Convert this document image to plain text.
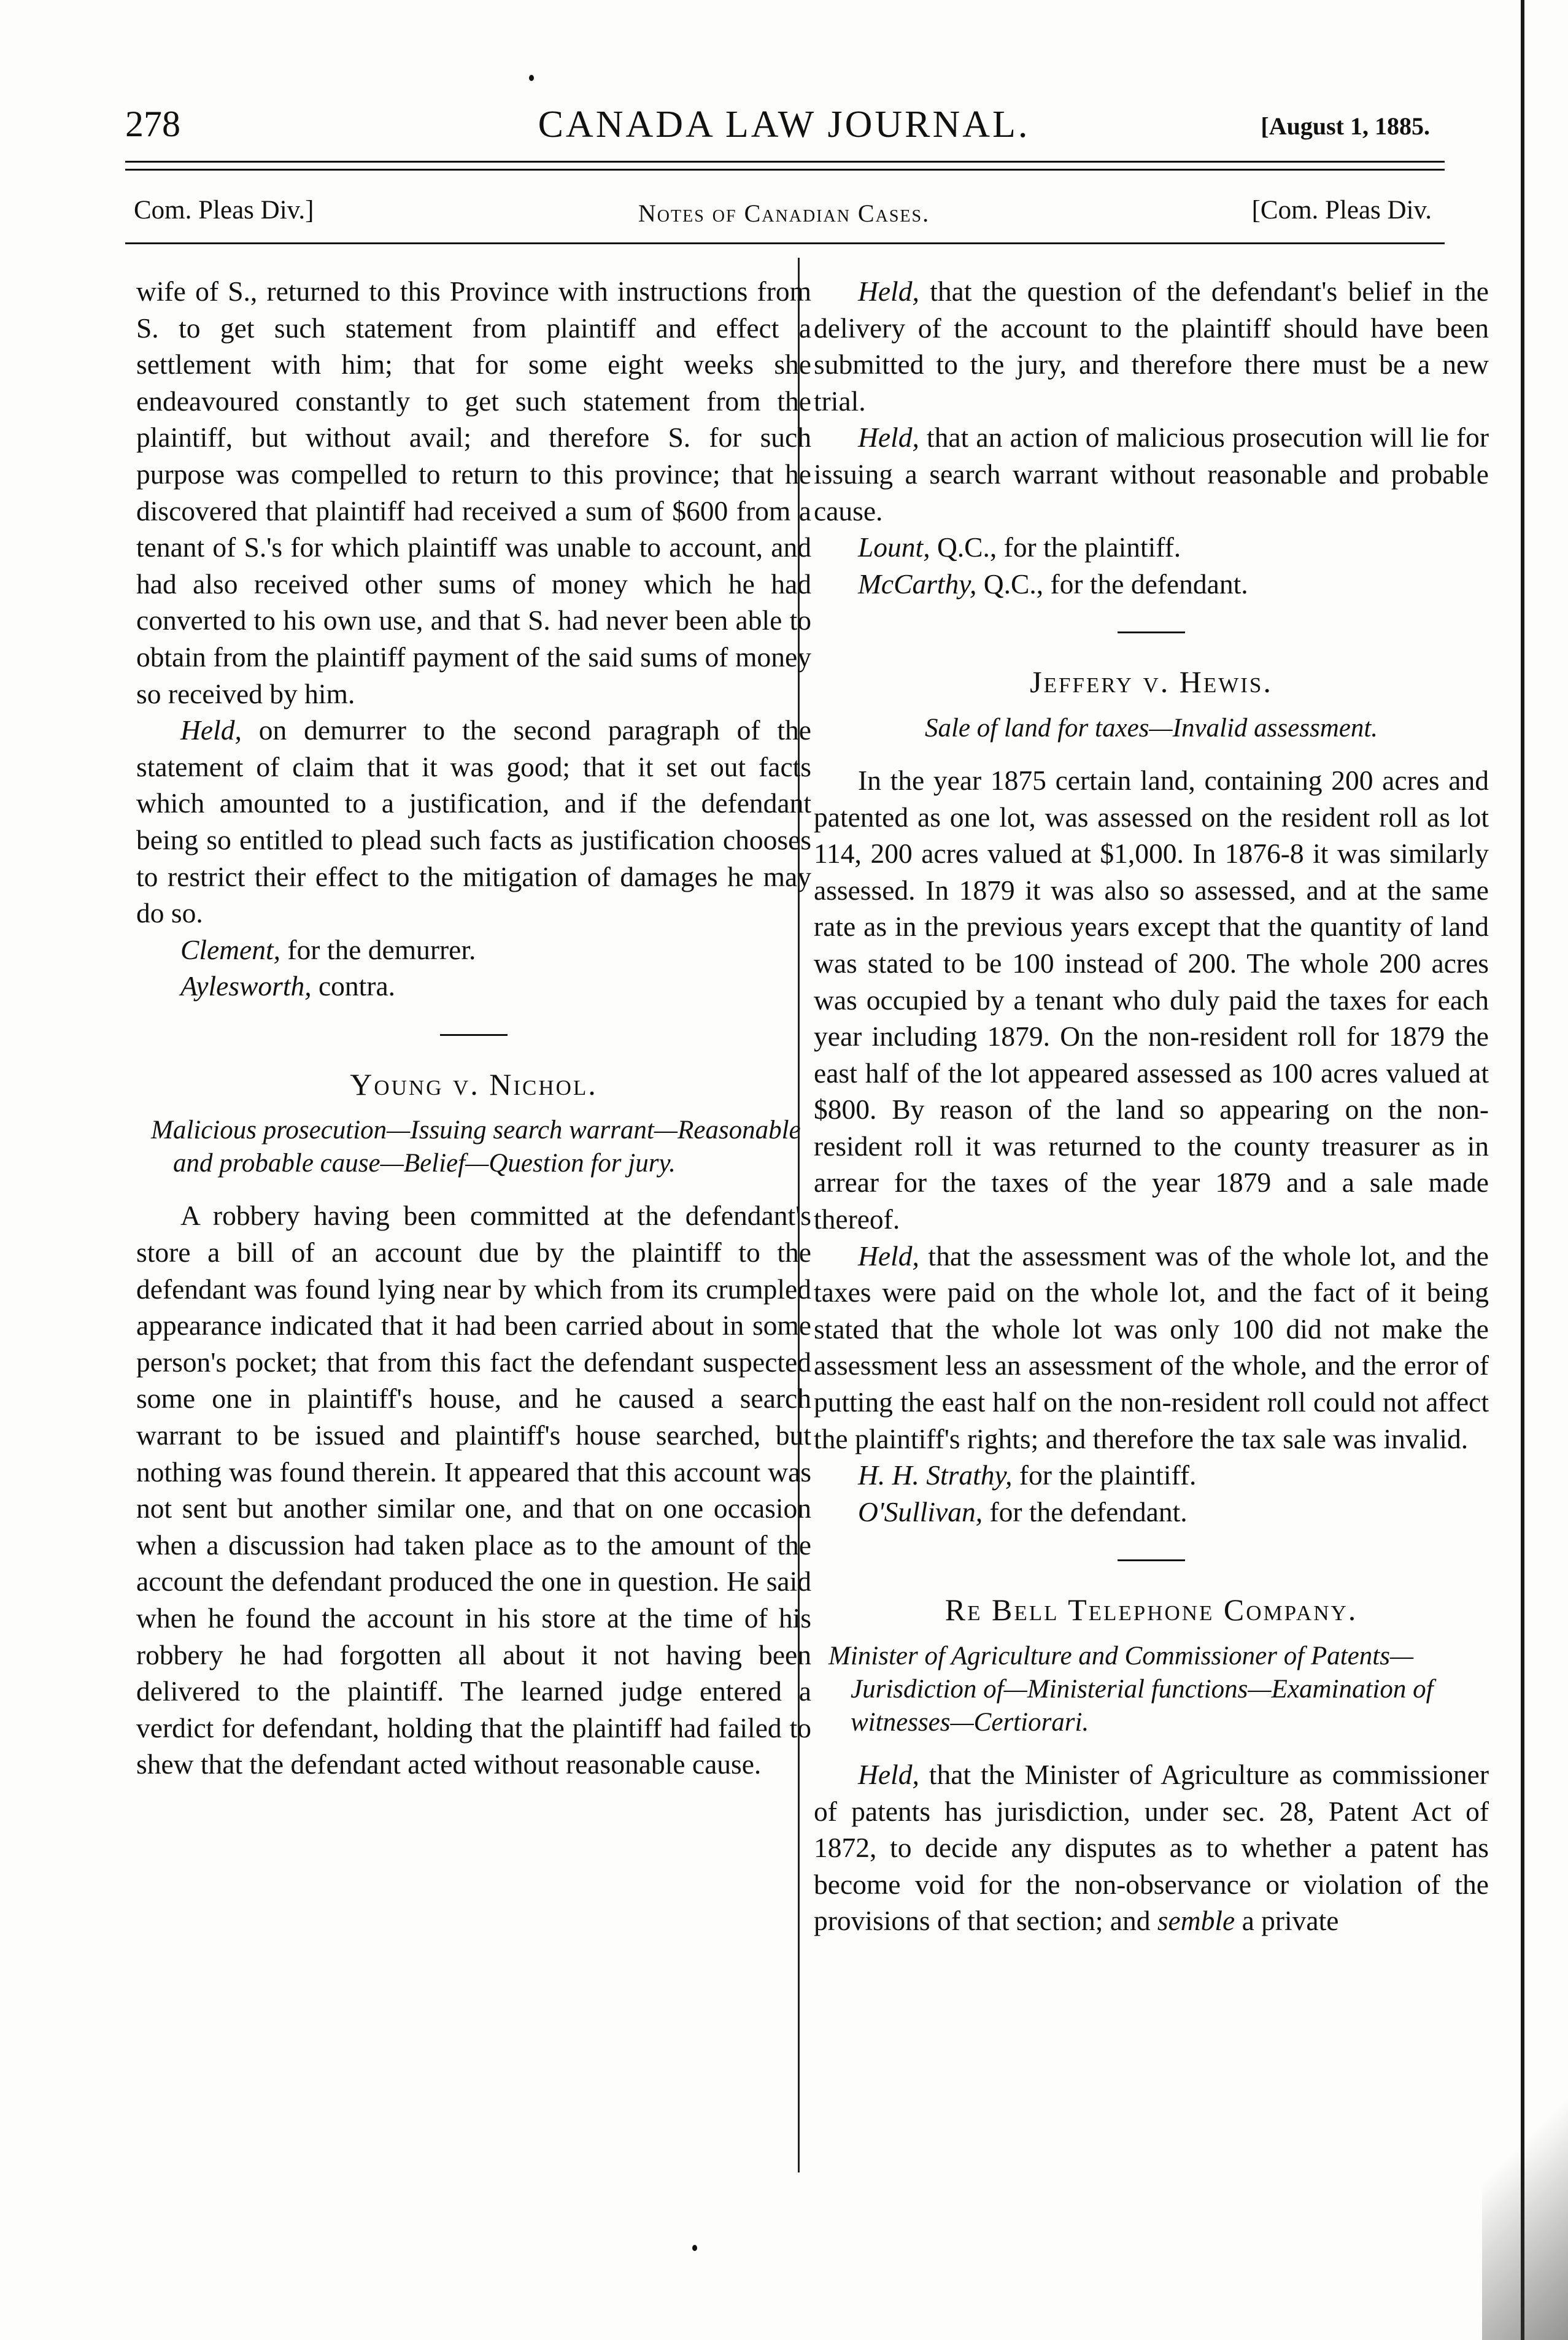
278	CANADA LAW JOURNAL.	[August 1, 1885.
Com. Pleas Div.]	Notes of Canadian Cases.	[Com. Pleas Div.

wife of S., returned to this Province with instructions from S. to get such statement from plaintiff and effect a settlement with him; that for some eight weeks she endeavoured constantly to get such statement from the plaintiff, but without avail; and therefore S. for such purpose was compelled to return to this province; that he discovered that plaintiff had received a sum of $600 from a tenant of S.'s for which plaintiff was unable to account, and had also received other sums of money which he had converted to his own use, and that S. had never been able to obtain from the plaintiff payment of the said sums of money so received by him.

Held, on demurrer to the second paragraph of the statement of claim that it was good; that it set out facts which amounted to a justification, and if the defendant being so entitled to plead such facts as justification chooses to restrict their effect to the mitigation of damages he may do so.

Clement, for the demurrer.

Aylesworth, contra.

Young v. Nichol.

Malicious prosecution—Issuing search warrant—Reasonable and probable cause—Belief—Question for jury.

A robbery having been committed at the defendant's store a bill of an account due by the plaintiff to the defendant was found lying near by which from its crumpled appearance indicated that it had been carried about in some person's pocket; that from this fact the defendant suspected some one in plaintiff's house, and he caused a search warrant to be issued and plaintiff's house searched, but nothing was found therein. It appeared that this account was not sent but another similar one, and that on one occasion when a discussion had taken place as to the amount of the account the defendant produced the one in question. He said when he found the account in his store at the time of his robbery he had forgotten all about it not having been delivered to the plaintiff. The learned judge entered a verdict for defendant, holding that the plaintiff had failed to shew that the defendant acted without reasonable cause.

Held, that the question of the defendant's belief in the delivery of the account to the plaintiff should have been submitted to the jury, and therefore there must be a new trial.

Held, that an action of malicious prosecution will lie for issuing a search warrant without reasonable and probable cause.

Lount, Q.C., for the plaintiff.

McCarthy, Q.C., for the defendant.

Jeffery v. Hewis.

Sale of land for taxes—Invalid assessment.

In the year 1875 certain land, containing 200 acres and patented as one lot, was assessed on the resident roll as lot 114, 200 acres valued at $1,000. In 1876-8 it was similarly assessed. In 1879 it was also so assessed, and at the same rate as in the previous years except that the quantity of land was stated to be 100 instead of 200. The whole 200 acres was occupied by a tenant who duly paid the taxes for each year including 1879. On the non-resident roll for 1879 the east half of the lot appeared assessed as 100 acres valued at $800. By reason of the land so appearing on the non-resident roll it was returned to the county treasurer as in arrear for the taxes of the year 1879 and a sale made thereof.

Held, that the assessment was of the whole lot, and the taxes were paid on the whole lot, and the fact of it being stated that the whole lot was only 100 did not make the assessment less an assessment of the whole, and the error of putting the east half on the non-resident roll could not affect the plaintiff's rights; and therefore the tax sale was invalid.

H. H. Strathy, for the plaintiff.

O'Sullivan, for the defendant.

Re Bell Telephone Company.

Minister of Agriculture and Commissioner of Patents—Jurisdiction of—Ministerial functions—Examination of witnesses—Certiorari.

Held, that the Minister of Agriculture as commissioner of patents has jurisdiction, under sec. 28, Patent Act of 1872, to decide any disputes as to whether a patent has become void for the non-observance or violation of the provisions of that section; and semble a private
